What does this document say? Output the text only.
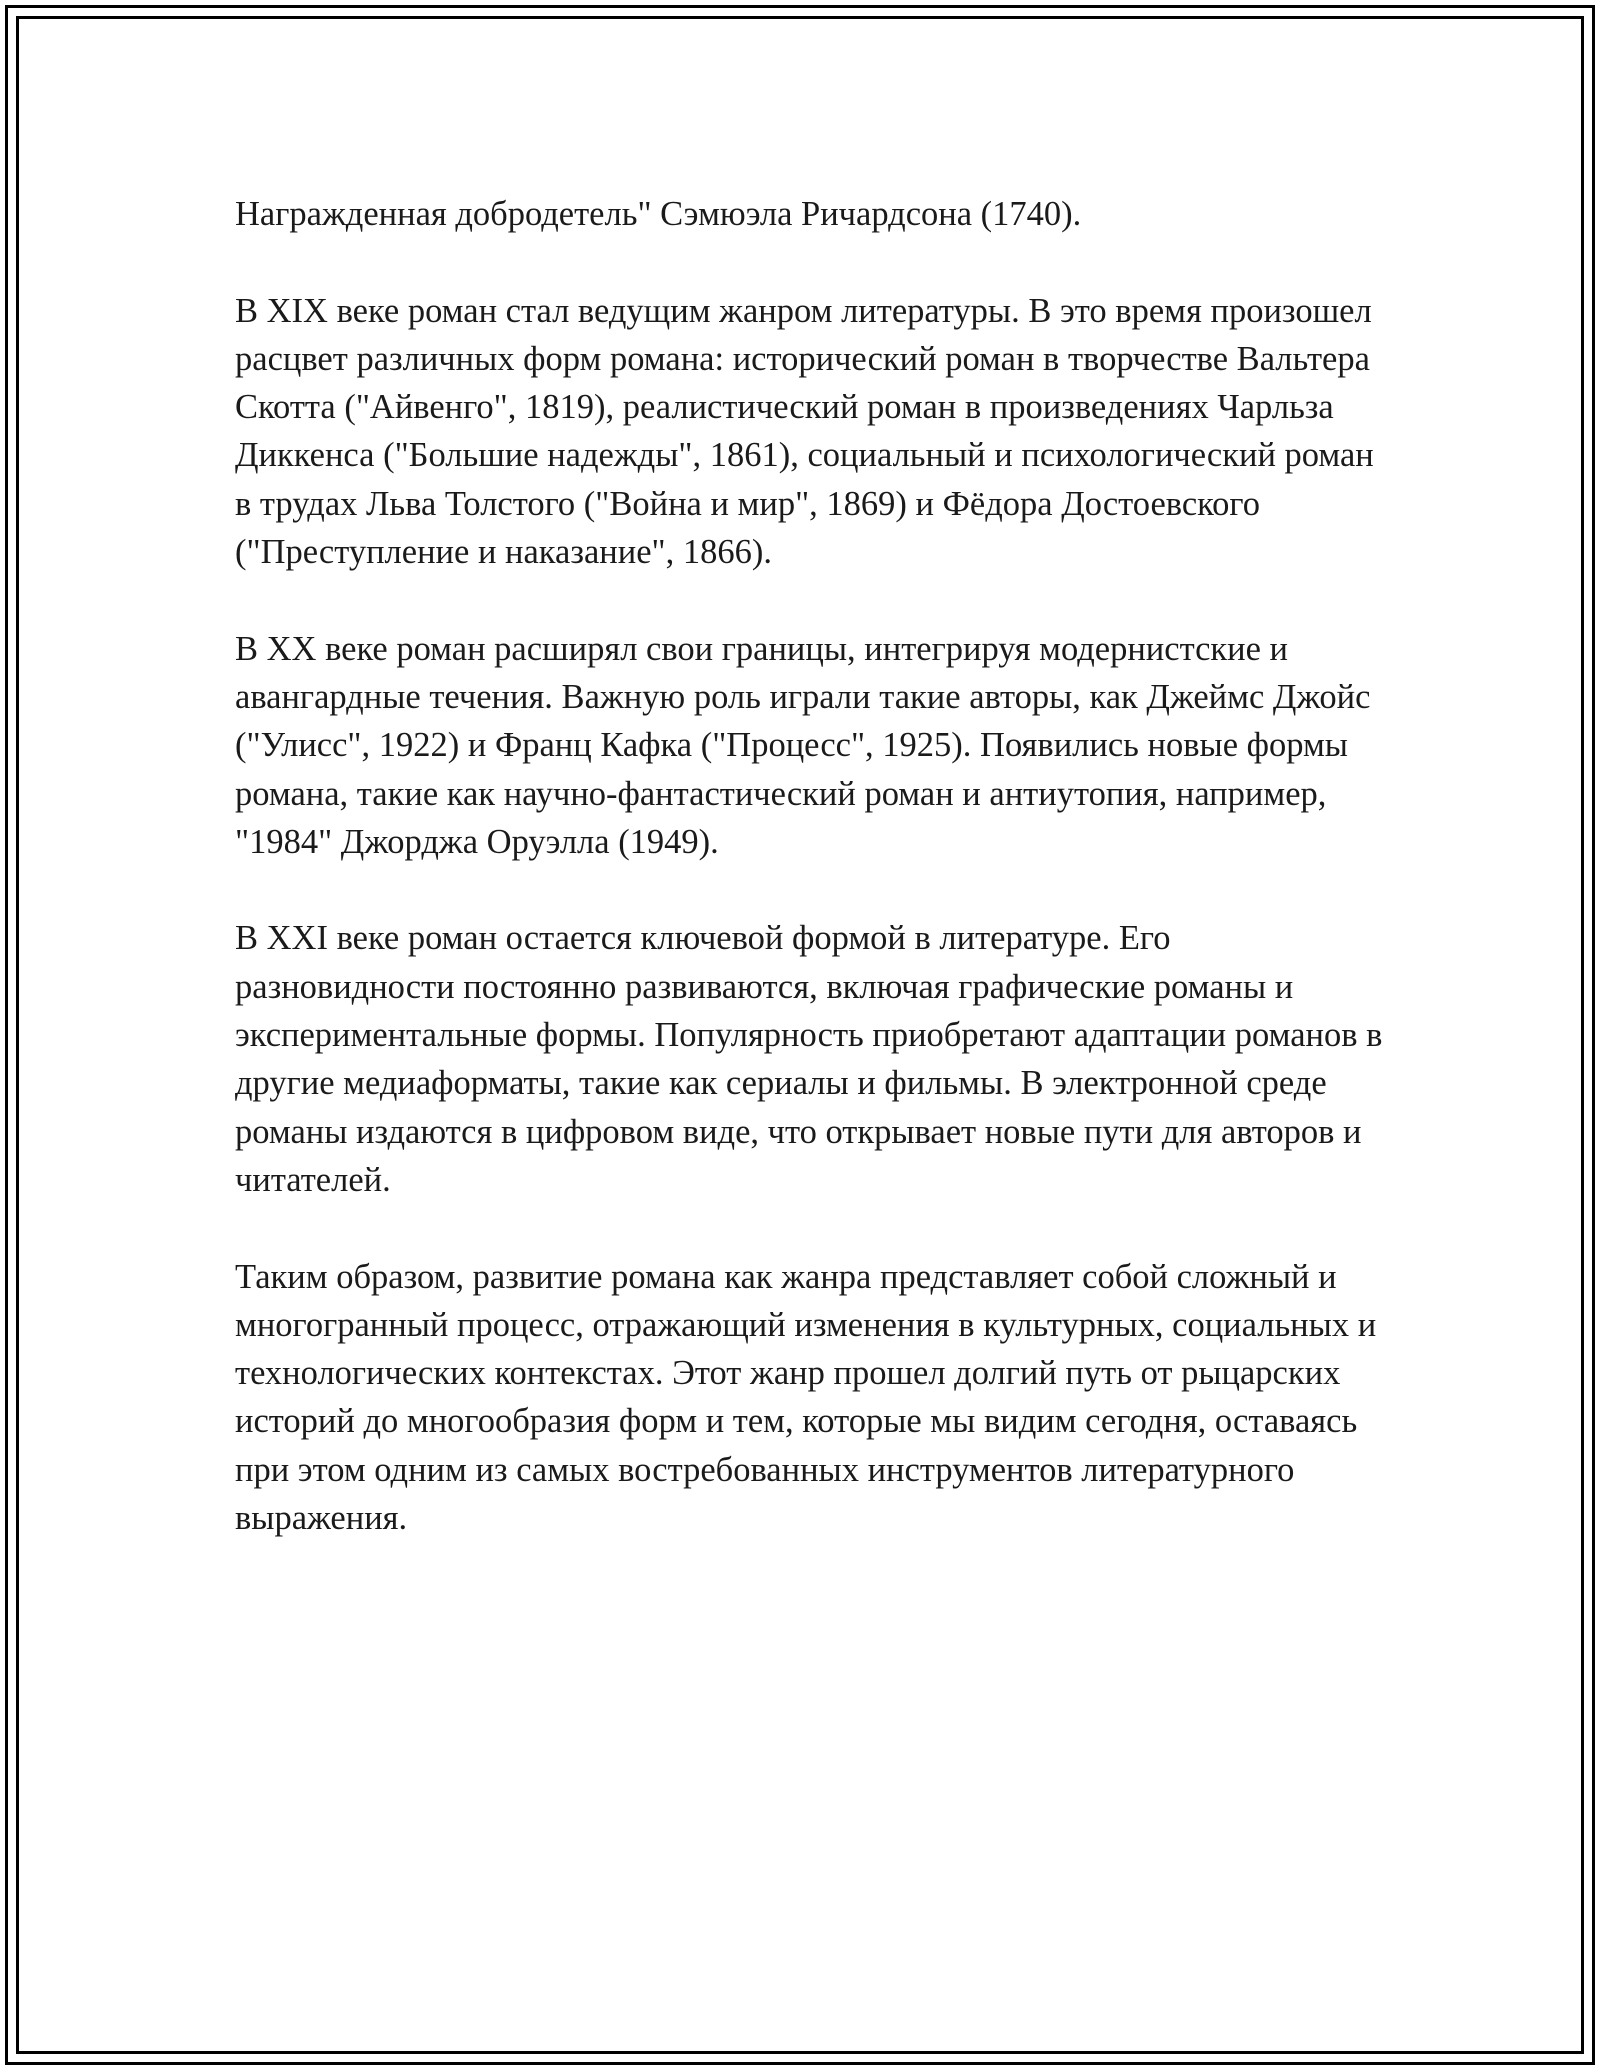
Награжденная добродетель" Сэмюэла Ричардсона (1740).

В XIX веке роман стал ведущим жанром литературы. В это время произошел расцвет различных форм романа: исторический роман в творчестве Вальтера Скотта ("Айвенго", 1819), реалистический роман в произведениях Чарльза Диккенса ("Большие надежды", 1861), социальный и психологический роман в трудах Льва Толстого ("Война и мир", 1869) и Фёдора Достоевского ("Преступление и наказание", 1866).

В XX веке роман расширял свои границы, интегрируя модернистские и авангардные течения. Важную роль играли такие авторы, как Джеймс Джойс ("Улисс", 1922) и Франц Кафка ("Процесс", 1925). Появились новые формы романа, такие как научно-фантастический роман и антиутопия, например, "1984" Джорджа Оруэлла (1949).

В XXI веке роман остается ключевой формой в литературе. Его разновидности постоянно развиваются, включая графические романы и экспериментальные формы. Популярность приобретают адаптации романов в другие медиаформаты, такие как сериалы и фильмы. В электронной среде романы издаются в цифровом виде, что открывает новые пути для авторов и читателей.

Таким образом, развитие романа как жанра представляет собой сложный и многогранный процесс, отражающий изменения в культурных, социальных и технологических контекстах. Этот жанр прошел долгий путь от рыцарских историй до многообразия форм и тем, которые мы видим сегодня, оставаясь при этом одним из самых востребованных инструментов литературного выражения.
